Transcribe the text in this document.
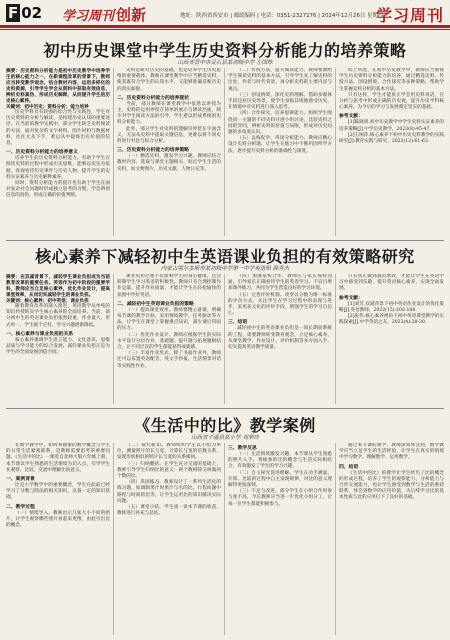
F 02 学习周刊 创新	地址：陕西省西安市 | 邮政编码 | 电话：0351-2327276 | 2024年12月26日 星期四
学习周刊
初中历史课堂中学生历史资料分析能力的培养策略
山西省晋中市灵石县某初级中学 左国栋

摘要：历史资料分析能力是初中历史教学中培养学生的核心能力之一，在新课程改革的背景下，教师应当转变教学观念，结合教材内容，运用多样化的史料资源，引导学生学会从资料中获取有效信息、辨析史料真伪、形成历史解释，从而提升学生的历史核心素养。

关键词：初中历史；资料分析；能力培养

历史学科具有较强的综合性与实践性，学生对历史资料的分析与解读，是构建历史认知的重要途径。在当前的教学实践中，部分学生缺乏史料阅读的方法，面对复杂的文字材料、图片材料与数据材料，往往无从下手，难以从中提炼出有价值的信息。

一、历史资料分析能力的培养意义

培养学生的历史资料分析能力，有助于学生在阅读史料的过程中形成历史思维，能够以史实为依据，客观看待历史事件与历史人物，提升学生的史料实证素养与历史解释素养。

同时，资料分析能力的提升也有助于学生在面对复杂社会问题时形成独立思考的习惯，学会辨别信息的真伪，形成正确的价值判断。

史料是研究历史的基础，也是培养学生历史思维的重要载体。教师在课堂教学中应当精选史料，使其既符合学生的认知水平，又能够准确反映历史的真实面貌。

二、历史资料分析能力的培养现状

当前，部分教师在课堂教学中依然以讲授为主，史料的运用停留在简单的展示与朗读层面，缺少对学生阅读方法的引导，学生难以形成系统的史料分析能力。

此外，部分学生对史料的理解仅停留在字面含义，无法从史料中提取关键信息，更难以将不同史料进行对比与综合分析。

三、历史资料分析能力的培养策略

（一）精选史料，激发学习兴趣。教师应结合教材内容，选取与课堂主题相关、贴近学生生活的史料，如文物图片、历史文献、人物日记等。

（二）传授方法，提升阅读能力。教师要教给学生阅读史料的基本方法，引导学生先了解史料的出处、作者与时代背景，再分析史料的主要内容与观点。

（三）创设情境，深化史料理解。借助多媒体手段还原历史场景，使学生身临其境地感受历史，在情境中对史料进行深入思考。

（四）合作探究，培养思辨能力。组织学生围绕同一主题的不同史料开展小组讨论，比较史料之间的异同，辨析史料的价值与局限，形成对历史问题的多角度认识。

（五）以练促学，巩固分析能力。教师应精心设计史料分析题，让学生在练习中不断巩固所学方法，逐步提升史料分析的准确性与深度。

综上所述，在初中历史教学中，教师应当重视学生历史资料分析能力的培养，通过精选史料、传授方法、创设情境、合作探究等多种策略，帮助学生掌握史料分析的基本方法。

只有这样，学生才能真正学会用史料说话，在分析与思考中形成正确的历史观，提升历史学科核心素养，为今后的学习与发展奠定坚实的基础。

参考文献：

[1]陈晓明.初中历史教学中学生史料实证素养的培养策略[J].中学历史教学，2023(8):45-47.

[2]王丽萍.核心素养下初中历史史料教学的实践研究[J].教育实践与研究，2022(12):61-63.

核心素养下减轻初中生英语课业负担的有效策略研究
内蒙古鄂尔多斯市某初级中学第一中学英语组 薛秀杰

摘要：在双减背景下，减轻学生课业负担成为当前教育改革的重要任务。英语作为初中阶段的重要学科，教师应当立足核心素养，优化作业设计，提高课堂效率，从而切实减轻学生的课业负担。

关键词：核心素养；初中英语；课业负担

随着教育改革的深入推进，英语教学从单纯的知识传授转向学生核心素养的全面培养。当前，部分初中生的英语课业负担依然较重，作业量大、形式单一，学生疲于应付，学习兴趣逐渐降低。

一、核心素养与课业负担的关系

核心素养强调学生语言能力、文化意识、思维品质与学习能力的综合发展，减轻课业负担正是为学生的全面发展创造空间。

课业负担过重不仅影响学生的身心健康，还会抑制学生学习英语的积极性。教师只有合理控制作业总量，提升作业质量，才能让学生在轻松愉快的氛围中学好英语。

二、减轻初中生英语课业负担的策略

（一）提高课堂效率。教师要精心备课，明确每节课的教学目标，采用情境教学、任务驱动等方法，让学生在课堂上掌握重点知识，减少课后巩固的压力。

（二）优化作业设计。教师应根据学生的实际水平设计分层作业，基础题、提升题与拓展题相结合，让不同层次的学生都能获得成就感。

（三）丰富作业形式。除了书面作业外，教师还可以布置英语配音、英文手抄报、生活情景对话等实践性作业。

（四）加强家校合作。教师应与家长保持沟通，引导家长正确看待学生的英语学习，不盲目增加课外练习，共同为学生营造良好的学习环境。

（五）完善评价机制。改变以分数为唯一标准的评价方式，关注学生在学习过程中的表现与进步，采用多元化的评价手段，增强学生的学习自信心。

三、结语

减轻初中生的英语课业负担是一项长期而系统的工程，需要教师转变教育观念，立足核心素养，从课堂教学、作业设计、评价机制等多方面入手，切实提高英语教学质量。

只有真正做到减负增效，才能让学生在英语学习中感受到乐趣，提升英语核心素养，实现全面发展。

参考文献：

[1]刘芳.双减背景下初中英语作业设计的优化策略[J].英语教师，2022(15):102-104.

[2]张伟.核心素养视角下初中英语课堂教学的实践探索[J].中学英语之友，2023(4):28-30.

《生活中的比》教学案例
山西省平遥县某小学 刘翠玲

在数学教学中，如何将抽象的数学概念与学生的日常生活紧密联系，是教师需要思考的重要问题。《生活中的比》一课选自北师大版六年级上册，本节课以学生熟悉的生活情境为切入点，引导学生在观察、比较、交流中理解比的意义。

一、案例背景

比是小学数学中的重要概念，学生在此前已经学习了分数与除法的相关知识，具备一定的知识基础。

二、教学过程

（一）情境导入。教师出示几张大小不同的照片，让学生观察哪些照片看起来更像，由此引出比的概念。

（二）探究新知。教师组织学生以小组为单位，测量照片的长与宽，计算长与宽的倍数关系，发现形状相似的照片长与宽的关系相同。

（三）归纳概括。在学生充分交流的基础上，教师引导学生归纳比的意义：两个数相除又叫做两个数的比。

（四）巩固练习。教师设计了一系列生活化的练习题，如调制果汁时果汁与水的比、行程问题中路程与时间的比等，让学生运用比的知识解决实际问题。

（五）课堂小结。学生谈一谈本节课的收获，教师进行补充与总结。

三、教学反思

（一）生活情境激发兴趣。本节课从学生熟悉的照片入手，将抽象的比的概念与生活实际相结合，有效激发了学生的学习兴趣。

（二）自主探究促进理解。学生在动手测量、计算、比较的过程中自主发现规律，对比的意义理解得更加深刻。

（三）不足与改进。部分学生在小组合作时参与度不高，今后教师应当进一步优化小组分工，让每一位学生都能积极参与。

通过本节课的教学，教师深刻体会到，数学教学应当立足学生的生活经验，让学生在真实的情境中学习数学、理解数学、运用数学。

四、结语

《生活中的比》的教学让学生经历了比的概念的形成过程，培养了学生的观察能力、分析能力与合作交流能力，也让学生感受到数学与生活的密切联系，体会到数学的应用价值，为后续学习比的基本性质与比的应用打下了良好的基础。
